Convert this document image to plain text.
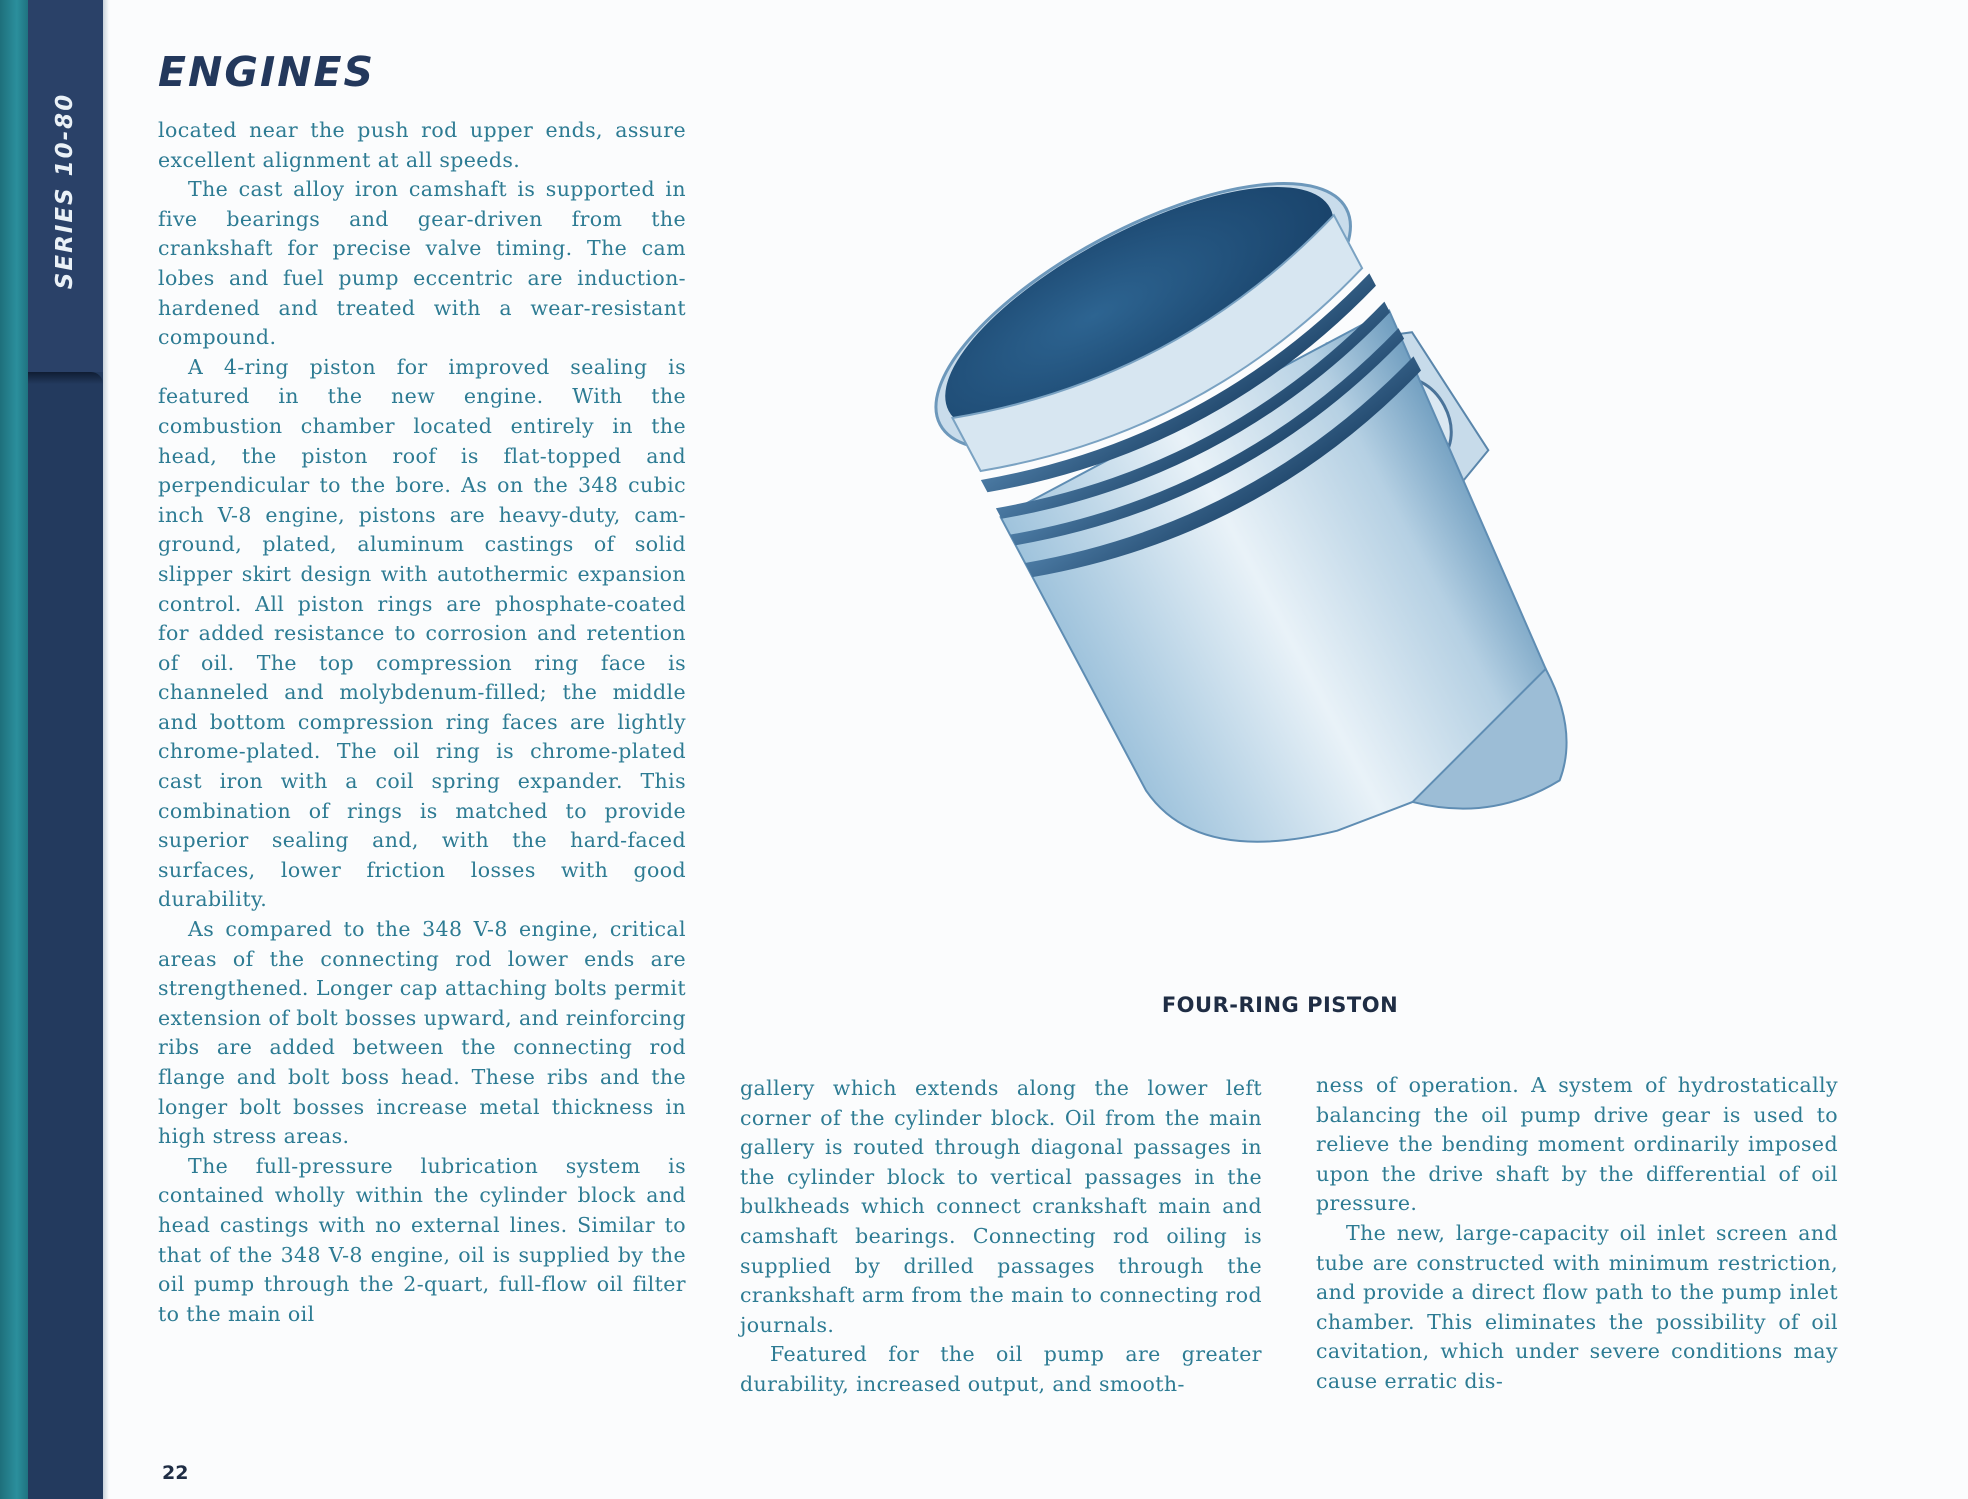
SERIES 10-80
ENGINES

located near the push rod upper ends, assure excellent alignment at all speeds.

The cast alloy iron camshaft is supported in five bearings and gear-driven from the crankshaft for precise valve timing. The cam lobes and fuel pump eccentric are induction-hardened and treated with a wear-resistant compound.

A 4-ring piston for improved sealing is featured in the new engine. With the combustion chamber located entirely in the head, the piston roof is flat-topped and perpendicular to the bore. As on the 348 cubic inch V-8 engine, pistons are heavy-duty, cam-ground, plated, aluminum castings of solid slipper skirt design with autothermic expansion control. All piston rings are phosphate-coated for added resistance to corrosion and retention of oil. The top compression ring face is channeled and molybdenum-filled; the middle and bottom compression ring faces are lightly chrome-plated. The oil ring is chrome-plated cast iron with a coil spring expander. This combination of rings is matched to provide superior sealing and, with the hard-faced surfaces, lower friction losses with good durability.

As compared to the 348 V-8 engine, critical areas of the connecting rod lower ends are strengthened. Longer cap attaching bolts permit extension of bolt bosses upward, and reinforcing ribs are added between the connecting rod flange and bolt boss head. These ribs and the longer bolt bosses increase metal thickness in high stress areas.

The full-pressure lubrication system is contained wholly within the cylinder block and head castings with no external lines. Similar to that of the 348 V-8 engine, oil is supplied by the oil pump through the 2-quart, full-flow oil filter to the main oil

FOUR-RING PISTON

gallery which extends along the lower left corner of the cylinder block. Oil from the main gallery is routed through diagonal passages in the cylinder block to vertical passages in the bulkheads which connect crankshaft main and camshaft bearings. Connecting rod oiling is supplied by drilled passages through the crankshaft arm from the main to connecting rod journals.

Featured for the oil pump are greater durability, increased output, and smooth-

ness of operation. A system of hydrostatically balancing the oil pump drive gear is used to relieve the bending moment ordinarily imposed upon the drive shaft by the differential of oil pressure.

The new, large-capacity oil inlet screen and tube are constructed with minimum restriction, and provide a direct flow path to the pump inlet chamber. This eliminates the possibility of oil cavitation, which under severe conditions may cause erratic dis-

22
